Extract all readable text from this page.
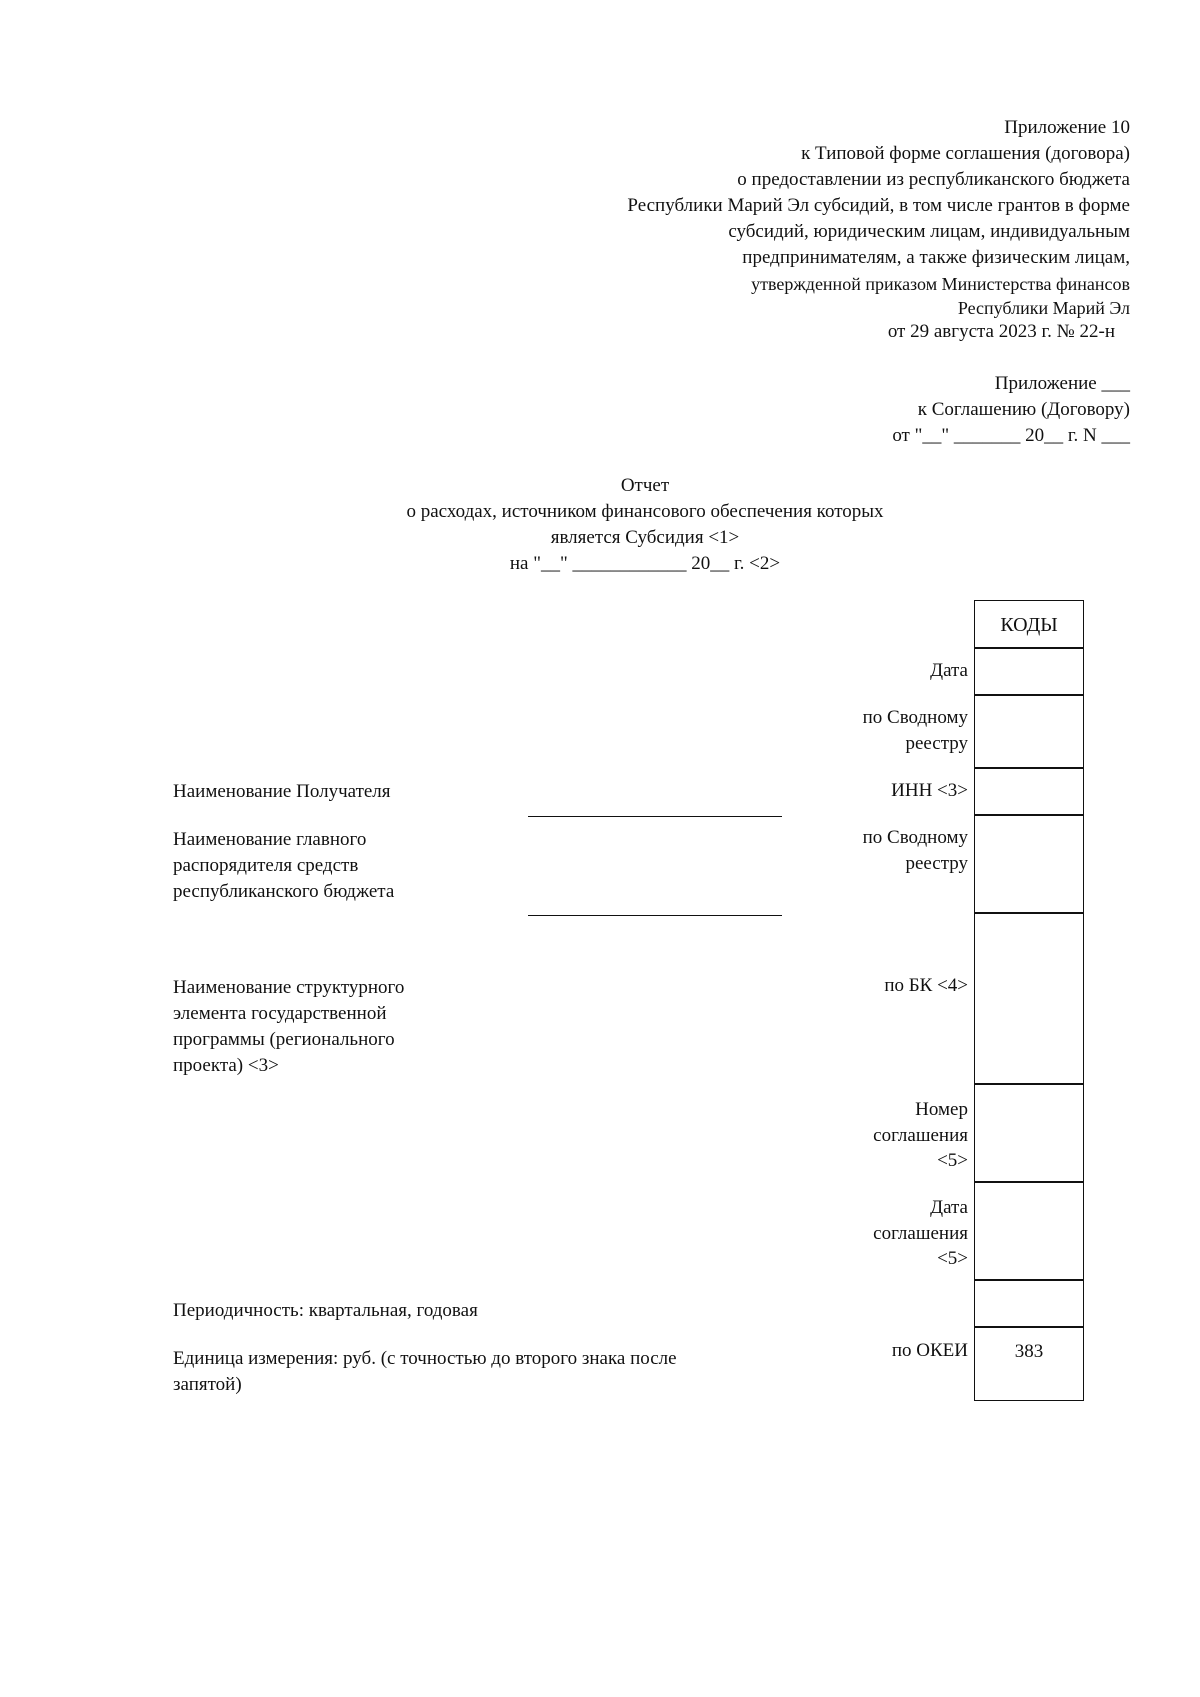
Приложение 10
к Типовой форме соглашения (договора)
о предоставлении из республиканского бюджета
Республики Марий Эл субсидий, в том числе грантов в форме
субсидий, юридическим лицам, индивидуальным
предпринимателям, а также физическим лицам,
утвержденной приказом Министерства финансов
Республики Марий Эл
от 29 августа 2023 г. № 22-н
Приложение ___
к Соглашению (Договору)
от "__" _______ 20__ г. N ___
Отчет
о расходах, источником финансового обеспечения которых
является Субсидия <1>
на "__" ____________ 20__ г. <2>
КОДЫ
383
Дата
по Сводному
реестру
ИНН <3>
по Сводному
реестру
по БК <4>
Номер
соглашения
<5>
Дата
соглашения
<5>
по ОКЕИ
Наименование Получателя
Наименование главного
распорядителя средств
республиканского бюджета
Наименование структурного
элемента государственной
программы (регионального
проекта) <3>
Периодичность: квартальная, годовая
Единица измерения: руб. (с точностью до второго знака после
запятой)
